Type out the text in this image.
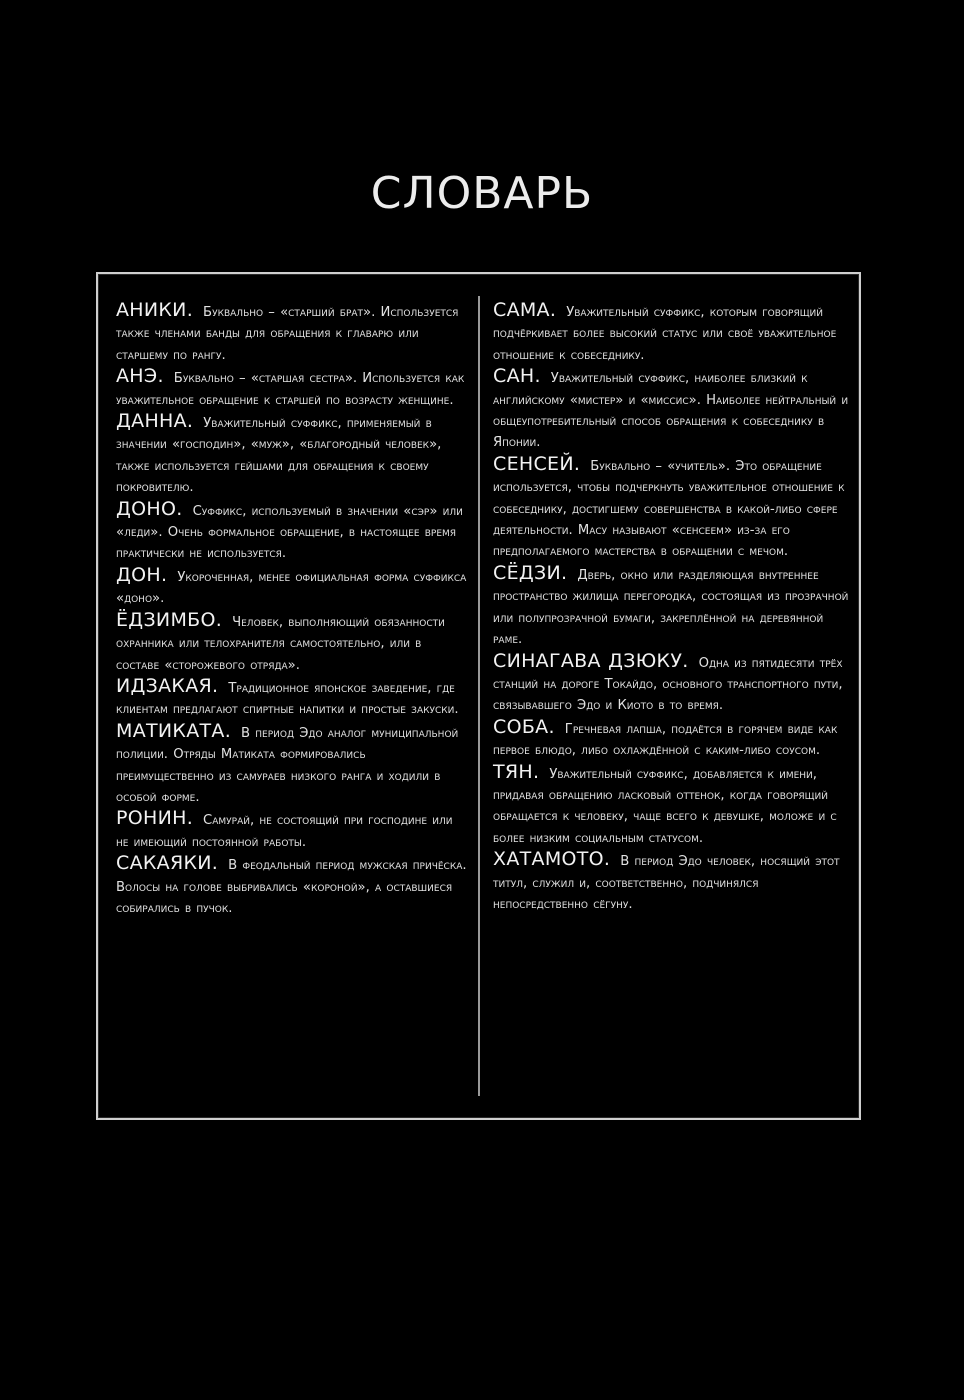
СЛОВАРЬ

АНИКИ. Буквально – «старший брат». Используется также членами банды для обращения к главарю или старшему по рангу.

АНЭ. Буквально – «старшая сестра». Используется как уважительное обращение к старшей по возрасту женщине.

ДАННА. Уважительный суффикс, применяемый в значении «господин», «муж», «благородный человек», также используется гейшами для обращения к своему покровителю.

ДОНО. Суффикс, используемый в значении «сэр» или «леди». Очень формальное обращение, в настоящее время практически не используется.

ДОН. Укороченная, менее официальная форма суффикса «доно».

ЁДЗИМБО. Человек, выполняющий обязанности охранника или телохранителя самостоятельно, или в составе «сторожевого отряда».

ИДЗАКАЯ. Традиционное японское заведение, где клиентам предлагают спиртные напитки и простые закуски.

МАТИКАТА. В период Эдо аналог муниципальной полиции. Отряды Матиката формировались преимущественно из самураев низкого ранга и ходили в особой форме.

РОНИН. Самурай, не состоящий при господине или не имеющий постоянной работы.

САКАЯКИ. В феодальный период мужская причёска. Волосы на голове выбривались «короной», а оставшиеся собирались в пучок.

САМА. Уважительный суффикс, которым говорящий подчёркивает более высокий статус или своё уважительное отношение к собеседнику.

САН. Уважительный суффикс, наиболее близкий к английскому «мистер» и «миссис». Наиболее нейтральный и общеупотребительный способ обращения к собеседнику в Японии.

СЕНСЕЙ. Буквально – «учитель». Это обращение используется, чтобы подчеркнуть уважительное отношение к собеседнику, достигшему совершенства в какой-либо сфере деятельности. Масу называют «сенсеем» из-за его предполагаемого мастерства в обращении с мечом.

СЁДЗИ. Дверь, окно или разделяющая внутреннее пространство жилища перегородка, состоящая из прозрачной или полупрозрачной бумаги, закреплённой на деревянной раме.

СИНАГАВА ДЗЮКУ. Одна из пятидесяти трёх станций на дороге Токайдо, основного транспортного пути, связывавшего Эдо и Киото в то время.

СОБА. Гречневая лапша, подаётся в горячем виде как первое блюдо, либо охлаждённой с каким-либо соусом.

ТЯН. Уважительный суффикс, добавляется к имени, придавая обращению ласковый оттенок, когда говорящий обращается к человеку, чаще всего к девушке, моложе и с более низким социальным статусом.

ХАТАМОТО. В период Эдо человек, носящий этот титул, служил и, соответственно, подчинялся непосредственно сёгуну.
